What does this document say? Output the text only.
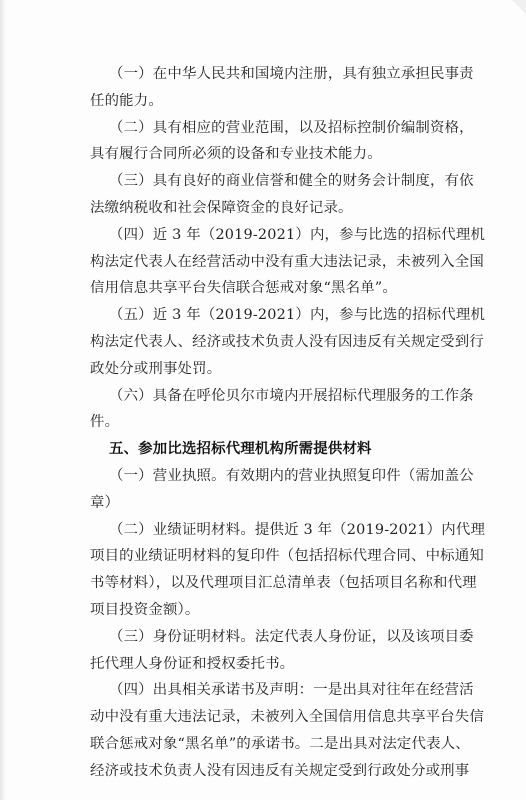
（一）在中华人民共和国境内注册，具有独立承担民事责
任的能力。
（二）具有相应的营业范围，以及招标控制价编制资格，
具有履行合同所必须的设备和专业技术能力。
（三）具有良好的商业信誉和健全的财务会计制度，有依
法缴纳税收和社会保障资金的良好记录。
（四）近 3 年（2019-2021）内，参与比选的招标代理机
构法定代表人在经营活动中没有重大违法记录，未被列入全国
信用信息共享平台失信联合惩戒对象“黑名单”。
（五）近 3 年（2019-2021）内，参与比选的招标代理机
构法定代表人、经济或技术负责人没有因违反有关规定受到行
政处分或刑事处罚。
（六）具备在呼伦贝尔市境内开展招标代理服务的工作条
件。
五、参加比选招标代理机构所需提供材料
（一）营业执照。有效期内的营业执照复印件（需加盖公
章）
（二）业绩证明材料。提供近 3 年（2019-2021）内代理
项目的业绩证明材料的复印件（包括招标代理合同、中标通知
书等材料），以及代理项目汇总清单表（包括项目名称和代理
项目投资金额）。
（三）身份证明材料。法定代表人身份证，以及该项目委
托代理人身份证和授权委托书。
（四）出具相关承诺书及声明：一是出具对往年在经营活
动中没有重大违法记录，未被列入全国信用信息共享平台失信
联合惩戒对象“黑名单”的承诺书。二是出具对法定代表人、
经济或技术负责人没有因违反有关规定受到行政处分或刑事
